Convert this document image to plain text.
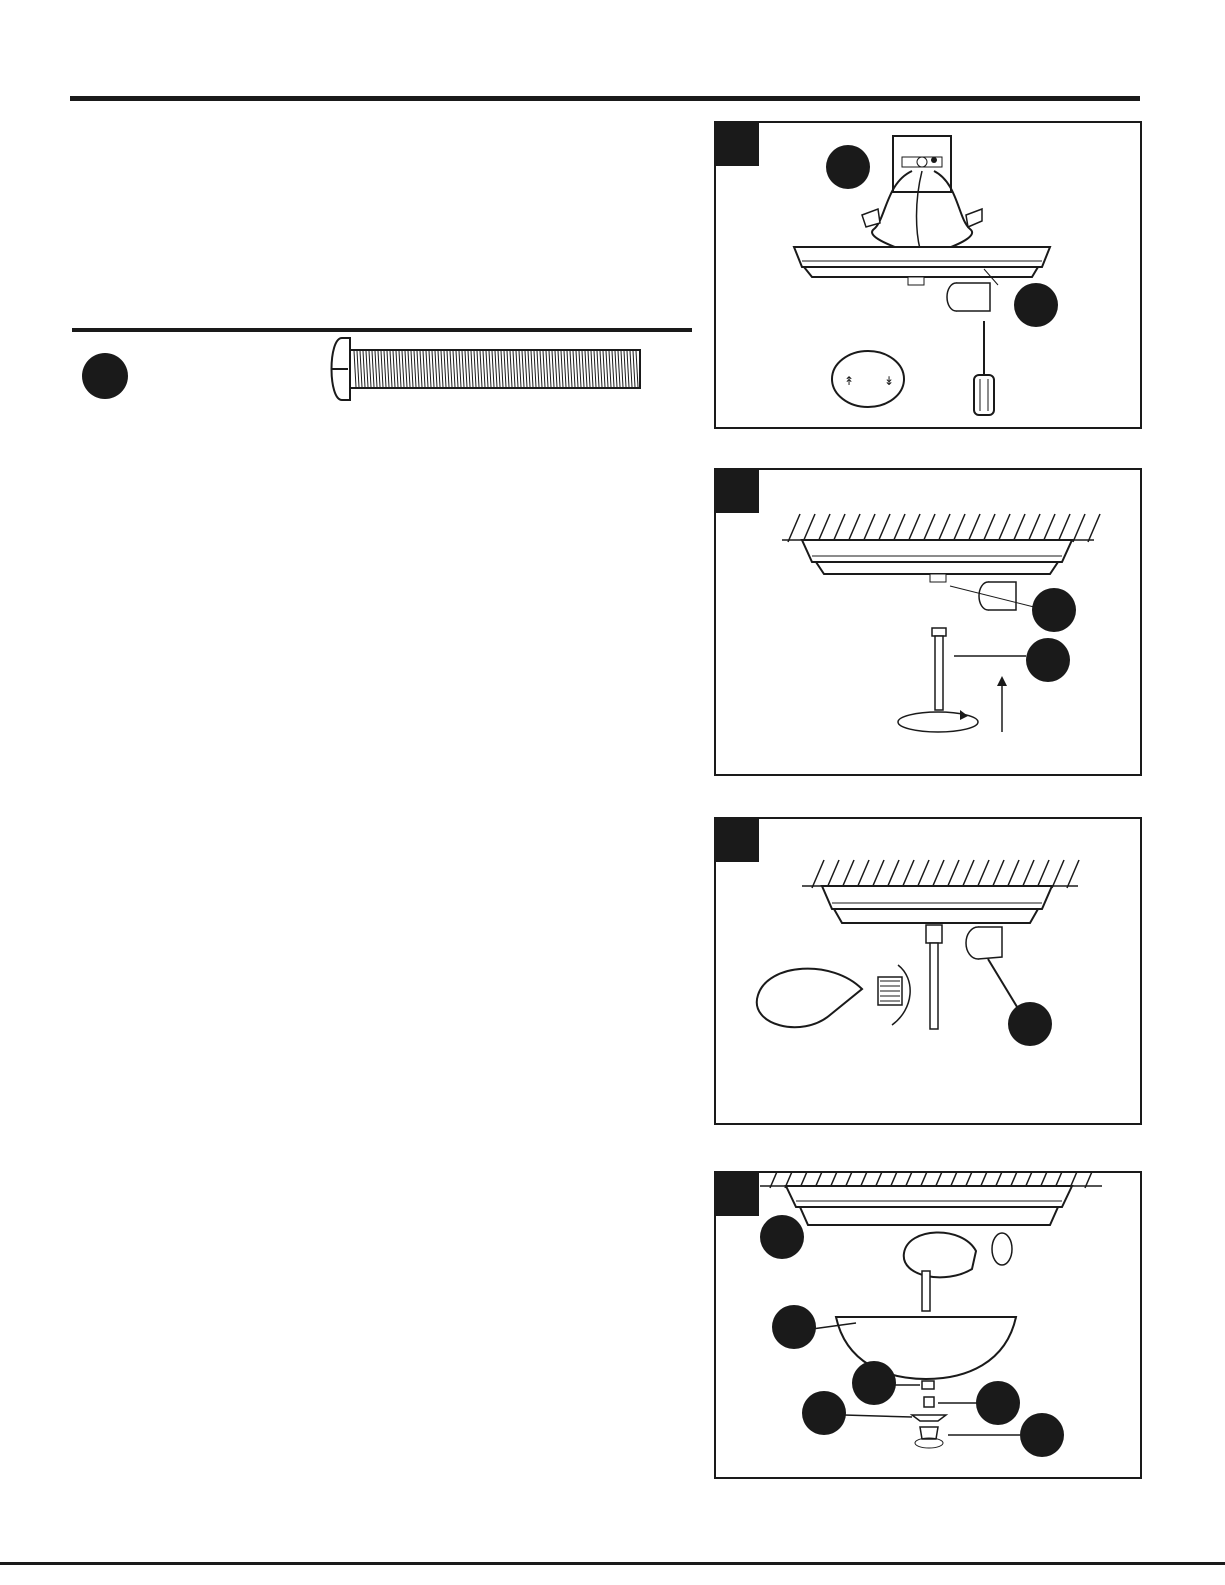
↟ ↡
